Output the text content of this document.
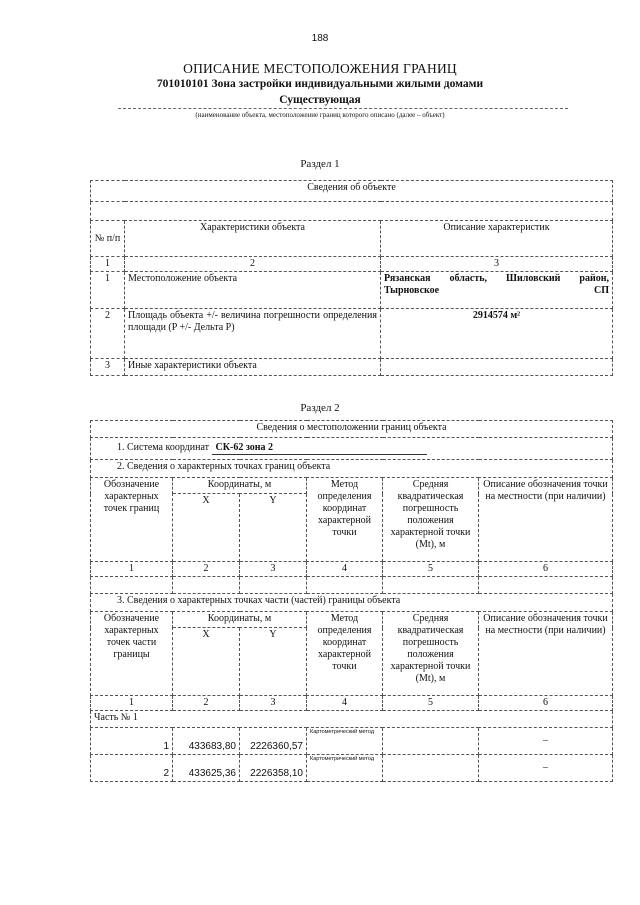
188
ОПИСАНИЕ МЕСТОПОЛОЖЕНИЯ ГРАНИЦ
701010101 Зона застройки индивидуальными жилыми домами
Существующая
(наименование объекта, местоположение границ которого описано (далее – объект)
Раздел 1
Сведения об объекте		

№ п/п	Характеристики объекта	Описание характеристик
1	2	3
1	Местоположение объекта	Рязанская область, Шиловский район, Тырновское СП
2	Площадь объекта +/- величина погрешности определения площади (P +/- Дельта P)	2914574 м²
3	Иные характеристики объекта	
Раздел 2
Сведения о местоположении границ объекта					
1. Система координат СК-62 зона 2					
2. Сведения о характерных точках границ объекта					
Обозначение характерных точек границ	Координаты, м		Метод определения координат характерной точки	Средняя квадратическая погрешность положения характерной точки (Mt), м	Описание обозначения точки на местности (при наличии)
	X	Y			
1	2	3	4	5	6

3. Сведения о характерных точках части (частей) границы объекта					
Обозначение характерных точек части границы	Координаты, м		Метод определения координат характерной точки	Средняя квадратическая погрешность положения характерной точки (Mt), м	Описание обозначения точки на местности (при наличии)
	X	Y			
1	2	3	4	5	6
Часть № 1					
1	433683,80	2226360,57	Картометрический метод		–
2	433625,36	2226358,10	Картометрический метод		–
